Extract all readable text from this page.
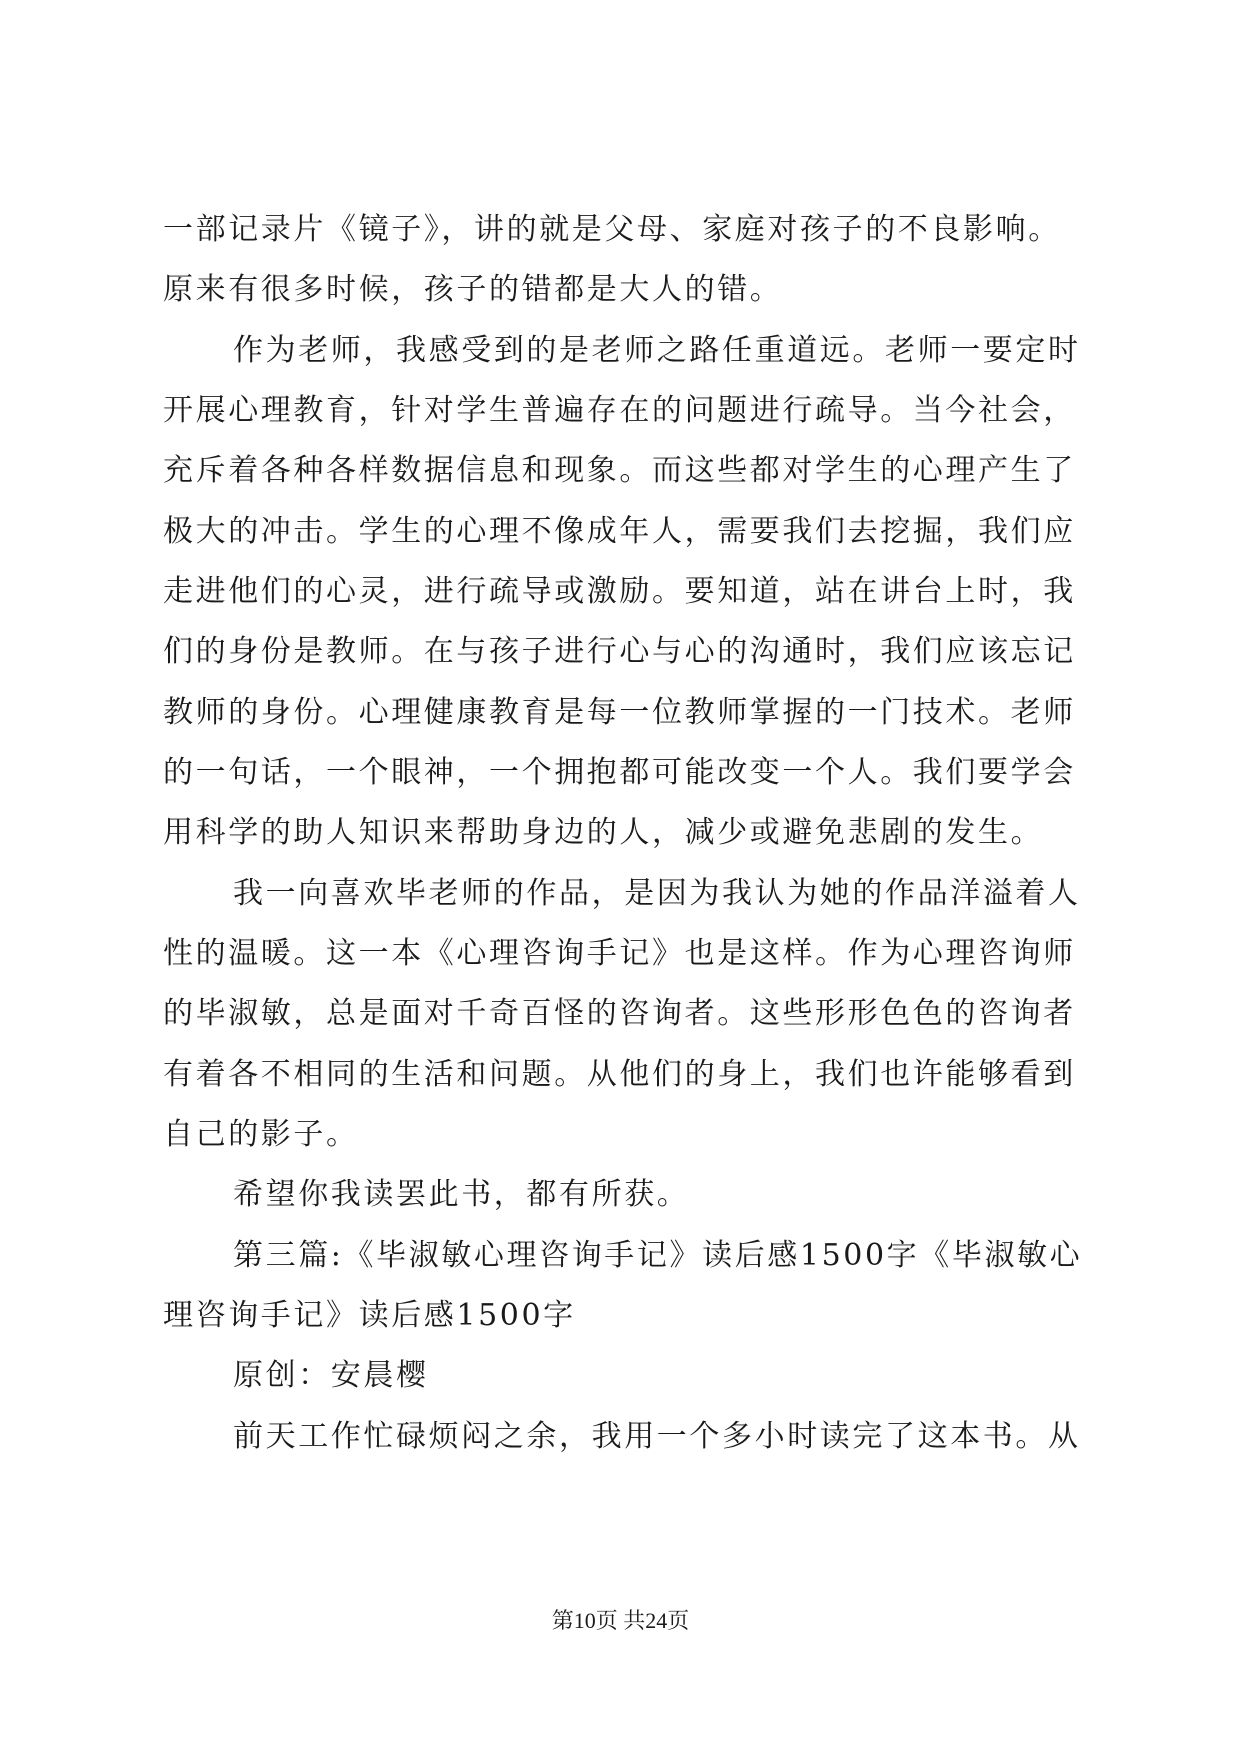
一部记录片《镜子》，讲的就是父母、家庭对孩子的不良影响。
原来有很多时候，孩子的错都是大人的错。
作为老师，我感受到的是老师之路任重道远。老师一要定时
开展心理教育，针对学生普遍存在的问题进行疏导。当今社会，
充斥着各种各样数据信息和现象。而这些都对学生的心理产生了
极大的冲击。学生的心理不像成年人，需要我们去挖掘，我们应
走进他们的心灵，进行疏导或激励。要知道，站在讲台上时，我
们的身份是教师。在与孩子进行心与心的沟通时，我们应该忘记
教师的身份。心理健康教育是每一位教师掌握的一门技术。老师
的一句话，一个眼神，一个拥抱都可能改变一个人。我们要学会
用科学的助人知识来帮助身边的人，减少或避免悲剧的发生。
我一向喜欢毕老师的作品，是因为我认为她的作品洋溢着人
性的温暖。这一本《心理咨询手记》也是这样。作为心理咨询师
的毕淑敏，总是面对千奇百怪的咨询者。这些形形色色的咨询者
有着各不相同的生活和问题。从他们的身上，我们也许能够看到
自己的影子。
希望你我读罢此书，都有所获。
第三篇:《毕淑敏心理咨询手记》读后感1500字《毕淑敏心
理咨询手记》读后感1500字
原创：安晨樱
前天工作忙碌烦闷之余，我用一个多小时读完了这本书。从
第10页 共24页
